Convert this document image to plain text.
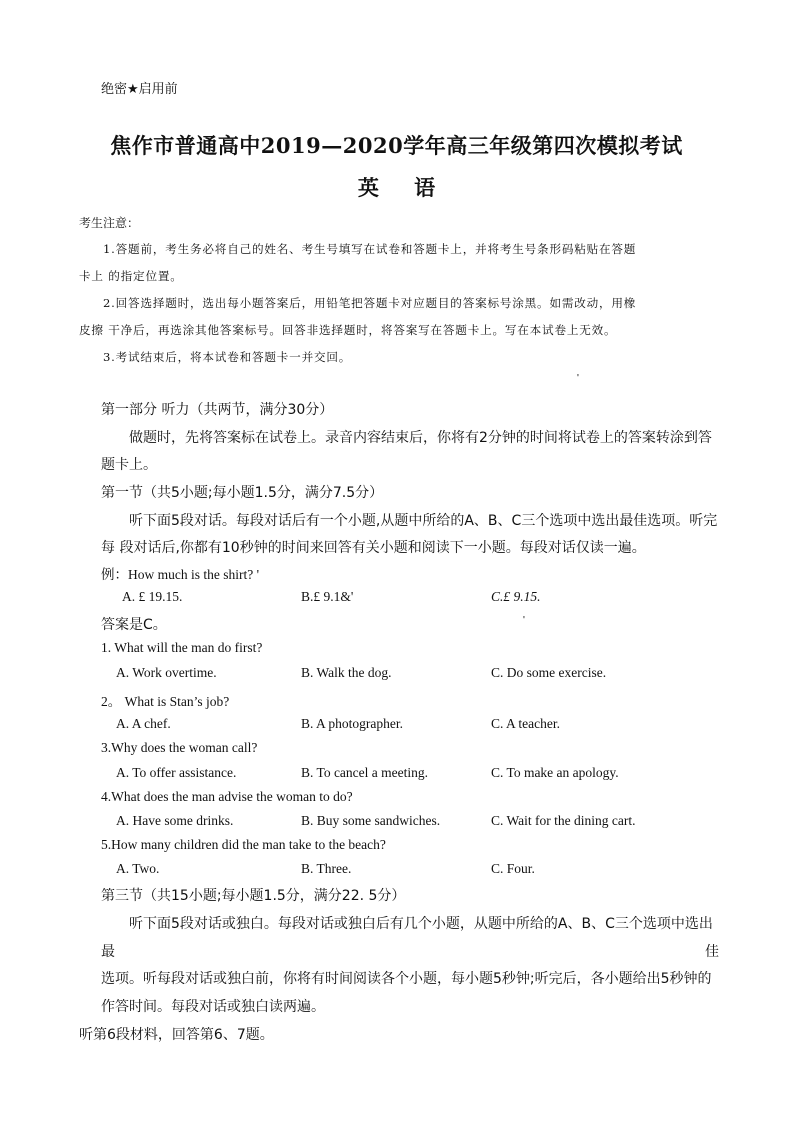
绝密★启用前
焦作市普通高中2019—2020学年高三年级第四次模拟考试
英 语
考生注意：
1.答题前，考生务必将自己的姓名、考生号填写在试卷和答题卡上，并将考生号条形码粘贴在答题
卡上 的指定位置。
2.回答选择题时，选出每小题答案后，用铅笔把答题卡对应题目的答案标号涂黑。如需改动，用橡
皮擦 干净后，再选涂其他答案标号。回答非选择题时，将答案写在答题卡上。写在本试卷上无效。
3.考试结束后，将本试卷和答题卡一并交回。
'
第一部分 听力（共两节，满分30分）
做题时，先将答案标在试卷上。录音内容结束后，你将有2分钟的时间将试卷上的答案转涂到答
题卡上。
第一节（共5小题;每小题1.5分，满分7.5分）
听下面5段对话。每段对话后有一个小题,从题中所给的A、B、C三个选项中选出最佳选项。听完
每 段对话后,你都有10秒钟的时间来回答有关小题和阅读下一小题。每段对话仅读一遍。
例：How much is the shirt? '
A. £ 19.15.	B.£ 9.1&'	C.£ 9.15.
答案是C。	'
1. What will the man do first?
A. Work overtime.	B. Walk the dog.	C. Do some exercise.
2。 What is Stan’s job?
A. A chef.	B. A photographer.	C. A teacher.
3.Why does the woman call?
A. To offer assistance.	B. To cancel a meeting.	C. To make an apology.
4.What does the man advise the woman to do?
A. Have some drinks.	B. Buy some sandwiches.	C. Wait for the dining cart.
5.How many children did the man take to the beach?
A. Two.	B. Three.	C. Four.
第三节（共15小题;每小题1.5分，满分22. 5分）
听下面5段对话或独白。每段对话或独白后有几个小题，从题中所给的A、B、C三个选项中选出
最	佳
选项。听每段对话或独白前，你将有时间阅读各个小题，每小题5秒钟;听完后，各小题给出5秒钟的
作答时间。每段对话或独白读两遍。
听第6段材料，回答第6、7题。
